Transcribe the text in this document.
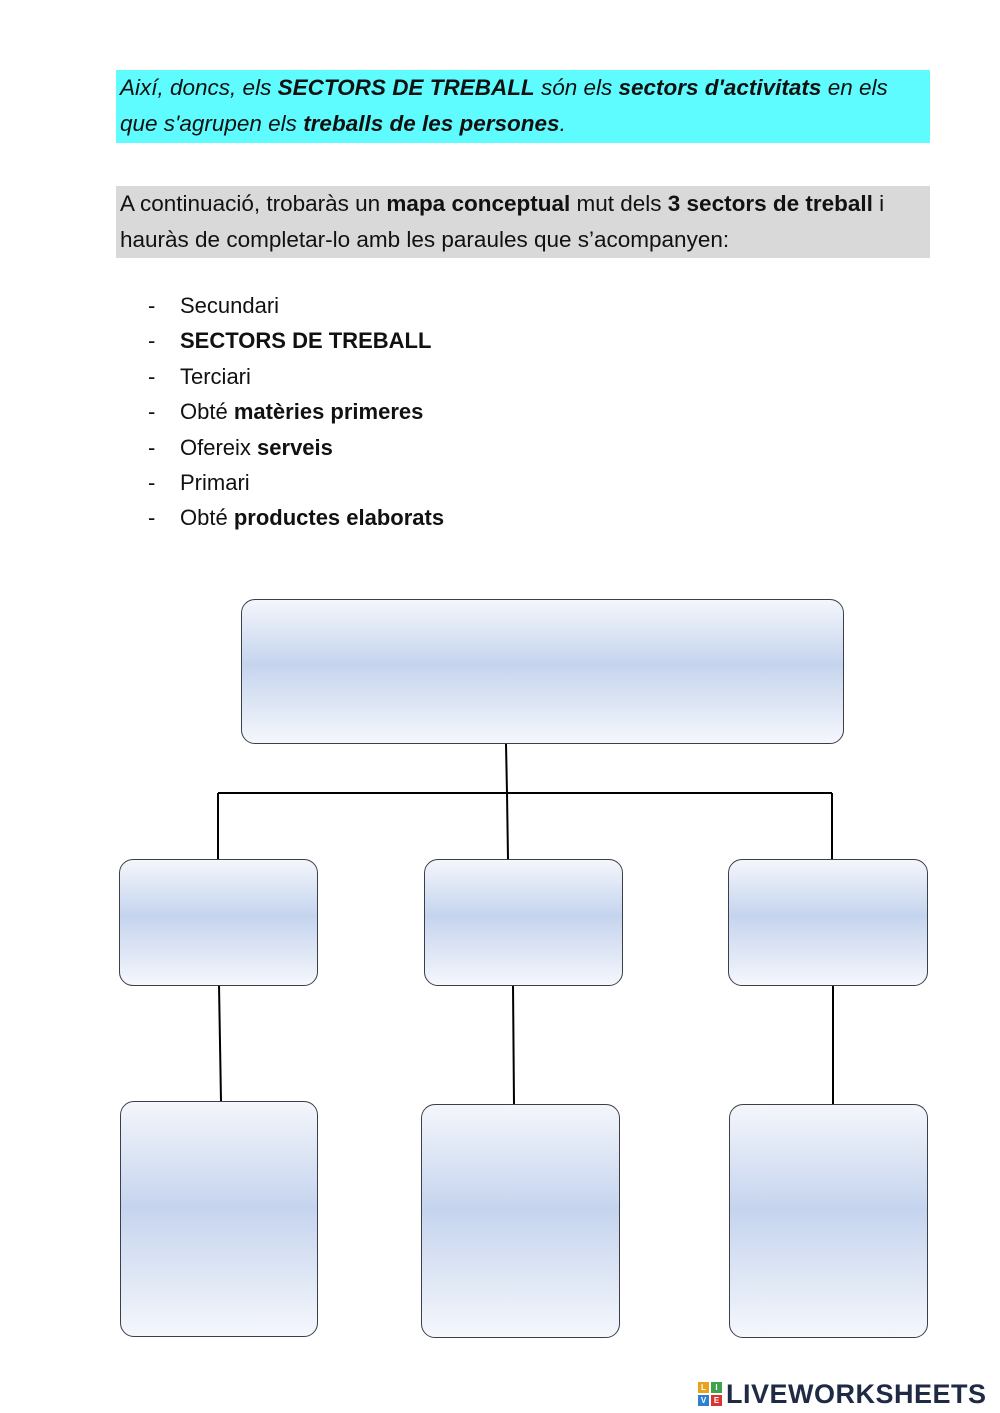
Així, doncs, els SECTORS DE TREBALL són els sectors d'activitats en els que s'agrupen els treballs de les persones.
A continuació, trobaràs un mapa conceptual mut dels 3 sectors de treball i hauràs de completar-lo amb les paraules que s’acompanyen:
- Secundari
- SECTORS DE TREBALL
- Terciari
- Obté matèries primeres
- Ofereix serveis
- Primari
- Obté productes elaborats
L	I
V E LIVEWORKSHEETS
